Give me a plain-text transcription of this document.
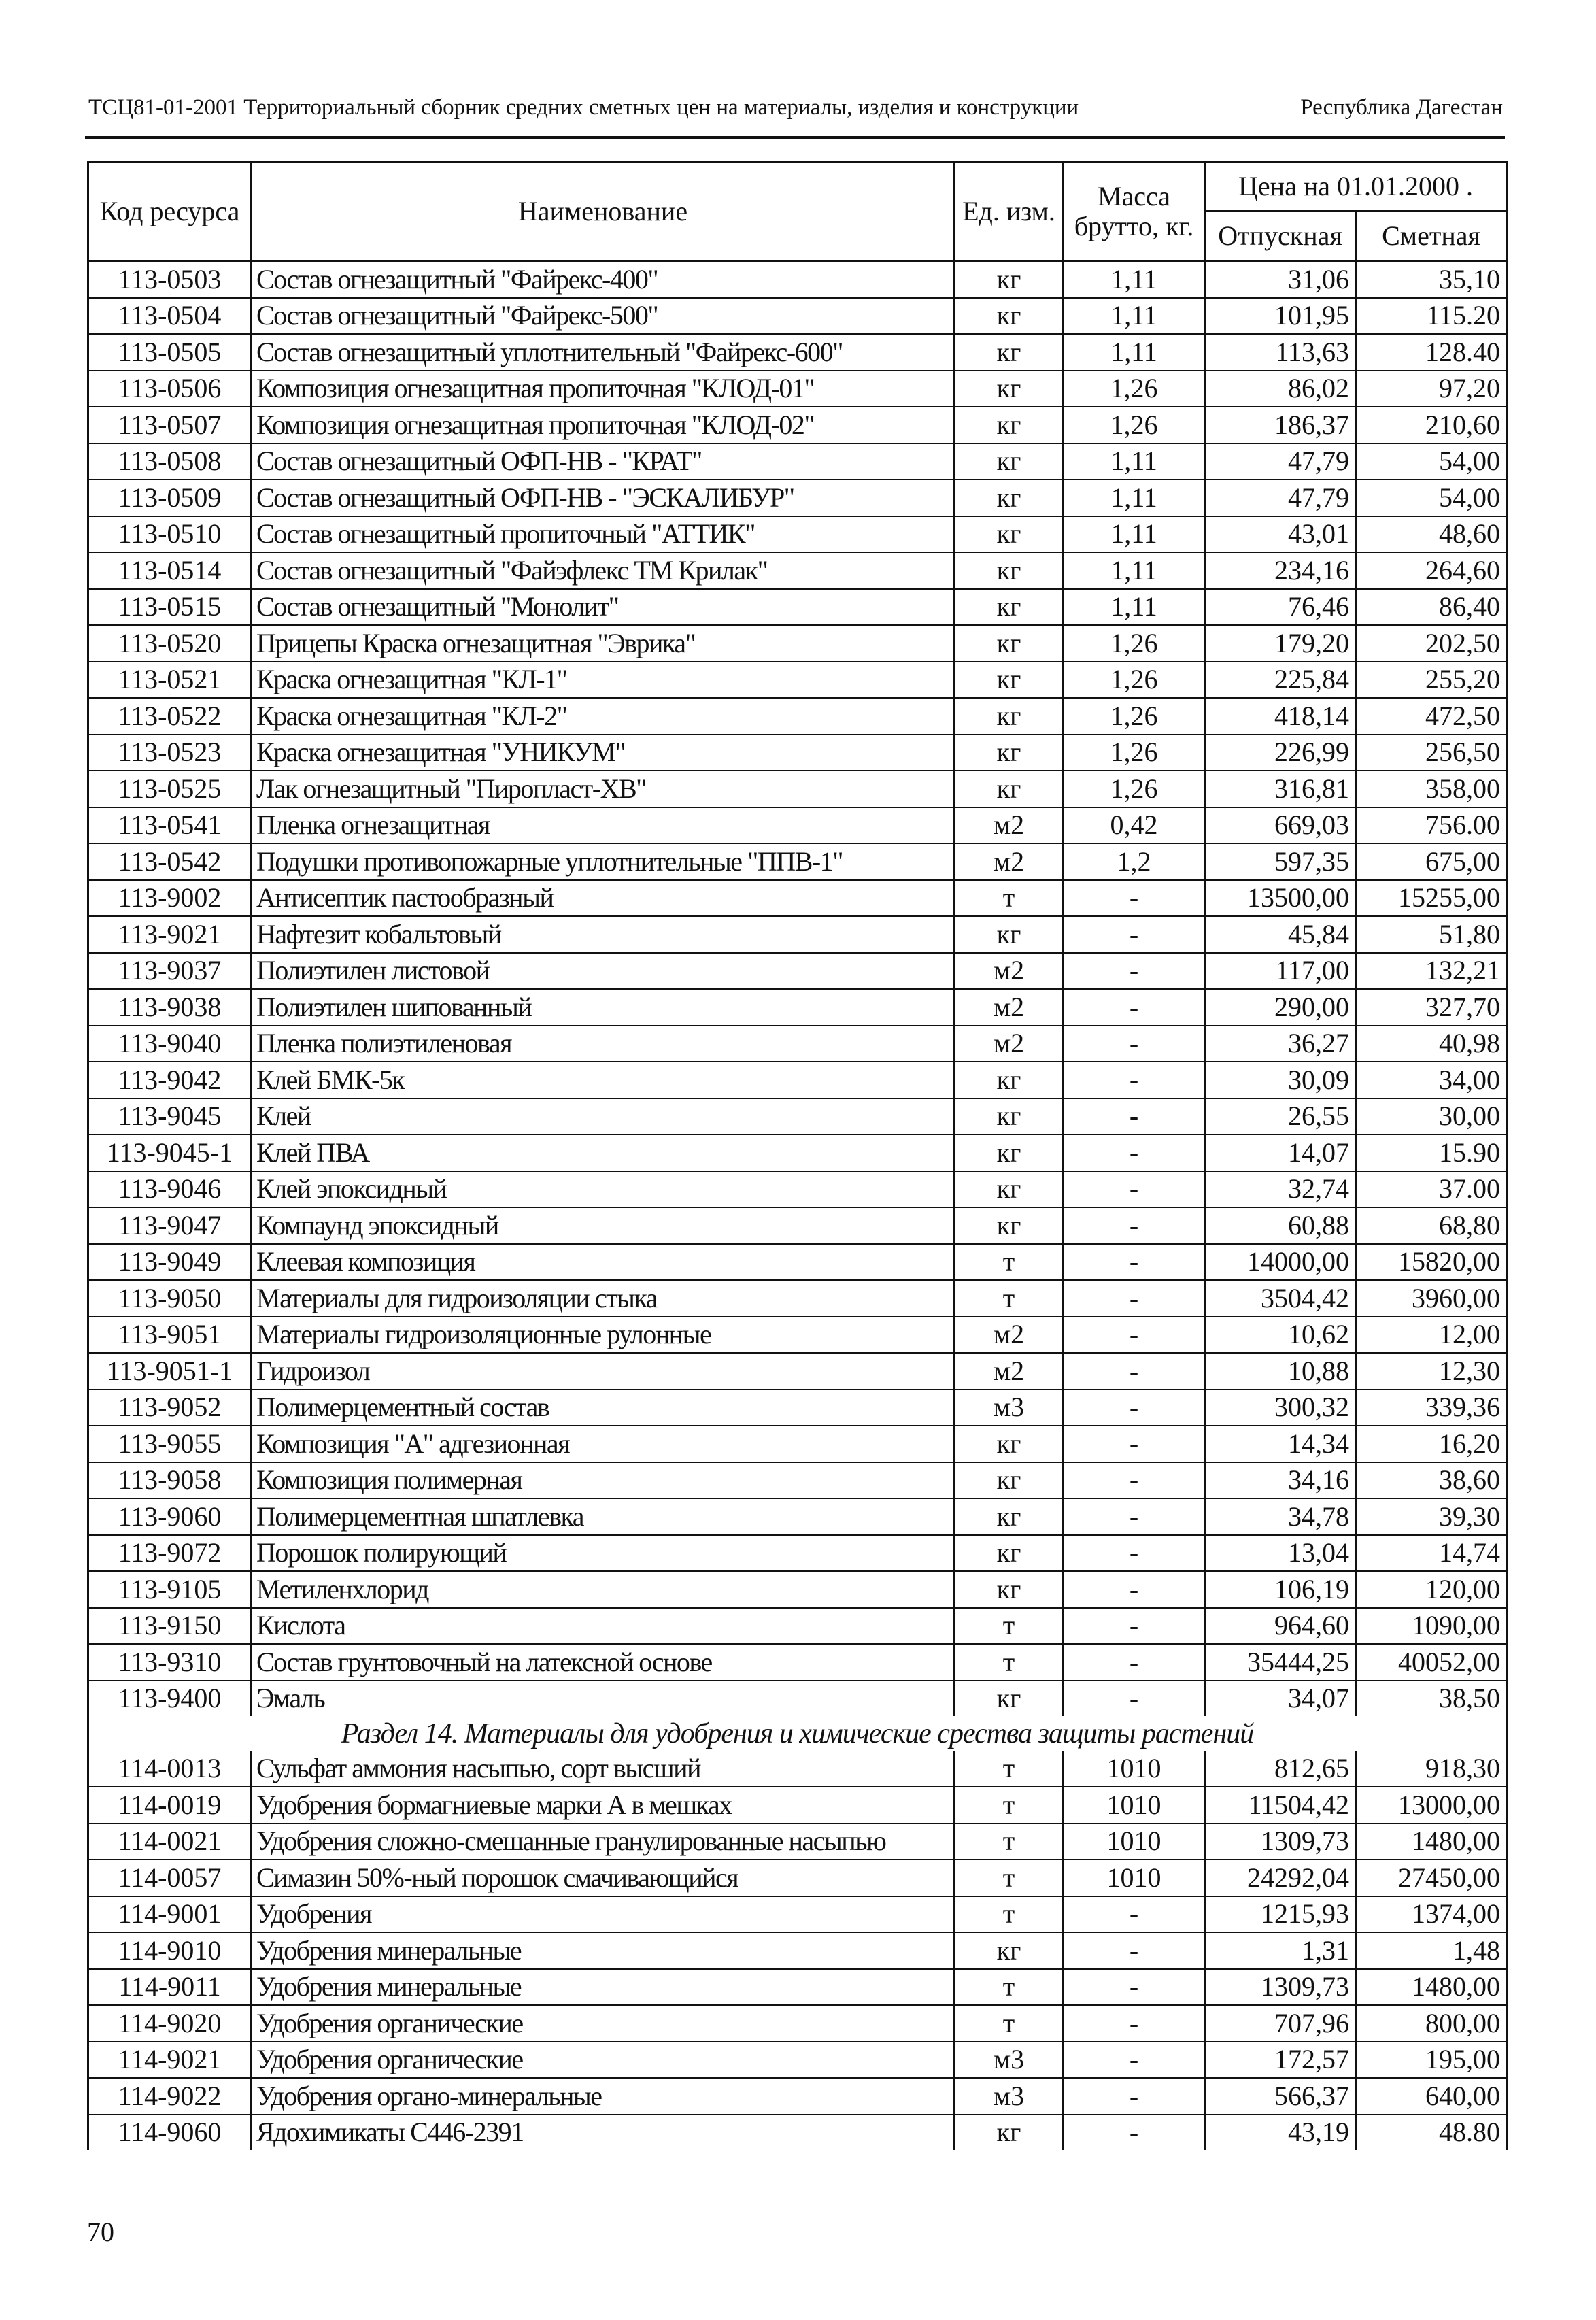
ТСЦ81-01-2001 Территориальный сборник средних сметных цен на материалы, изделия и конструкции	Республика Дагестан
Код ресурса	Наименование	Ед. изм.	Масса брутто, кг.	Цена на 01.01.2000 .	
				Отпускная	Сметная
113-0503	Состав огнезащитный "Файрекс-400"	кг	1,11	31,06	35,10
113-0504	Состав огнезащитный "Файрекс-500"	кг	1,11	101,95	115.20
113-0505	Состав огнезащитный уплотнительный "Файрекс-600"	кг	1,11	113,63	128.40
113-0506	Композиция огнезащитная пропиточная "КЛОД-01"	кг	1,26	86,02	97,20
113-0507	Композиция огнезащитная пропиточная "КЛОД-02"	кг	1,26	186,37	210,60
113-0508	Состав огнезащитный ОФП-НВ - "КРАТ"	кг	1,11	47,79	54,00
113-0509	Состав огнезащитный ОФП-НВ - "ЭСКАЛИБУР"	кг	1,11	47,79	54,00
113-0510	Состав огнезащитный пропиточный "АТТИК"	кг	1,11	43,01	48,60
113-0514	Состав огнезащитный "Файэфлекс ТМ Крилак"	кг	1,11	234,16	264,60
113-0515	Состав огнезащитный "Монолит"	кг	1,11	76,46	86,40
113-0520	Прицепы Краска огнезащитная "Эврика"	кг	1,26	179,20	202,50
113-0521	Краска огнезащитная "КЛ-1"	кг	1,26	225,84	255,20
113-0522	Краска огнезащитная "КЛ-2"	кг	1,26	418,14	472,50
113-0523	Краска огнезащитная "УНИКУМ"	кг	1,26	226,99	256,50
113-0525	Лак огнезащитный "Пиропласт-ХВ"	кг	1,26	316,81	358,00
113-0541	Пленка огнезащитная	м2	0,42	669,03	756.00
113-0542	Подушки противопожарные уплотнительные "ППВ-1"	м2	1,2	597,35	675,00
113-9002	Антисептик пастообразный	т	-	13500,00	15255,00
113-9021	Нафтезит кобальтовый	кг	-	45,84	51,80
113-9037	Полиэтилен листовой	м2	-	117,00	132,21
113-9038	Полиэтилен шипованный	м2	-	290,00	327,70
113-9040	Пленка полиэтиленовая	м2	-	36,27	40,98
113-9042	Клей БМК-5к	кг	-	30,09	34,00
113-9045	Клей	кг	-	26,55	30,00
113-9045-1	Клей ПВА	кг	-	14,07	15.90
113-9046	Клей эпоксидный	кг	-	32,74	37.00
113-9047	Компаунд эпоксидный	кг	-	60,88	68,80
113-9049	Клеевая композиция	т	-	14000,00	15820,00
113-9050	Материалы для гидроизоляции стыка	т	-	3504,42	3960,00
113-9051	Материалы гидроизоляционные рулонные	м2	-	10,62	12,00
113-9051-1	Гидроизол	м2	-	10,88	12,30
113-9052	Полимерцементный состав	м3	-	300,32	339,36
113-9055	Композиция "А" адгезионная	кг	-	14,34	16,20
113-9058	Композиция полимерная	кг	-	34,16	38,60
113-9060	Полимерцементная шпатлевка	кг	-	34,78	39,30
113-9072	Порошок полирующий	кг	-	13,04	14,74
113-9105	Метиленхлорид	кг	-	106,19	120,00
113-9150	Кислота	т	-	964,60	1090,00
113-9310	Состав грунтовочный на латексной основе	т	-	35444,25	40052,00
113-9400	Эмаль	кг	-	34,07	38,50
Раздел 14. Материалы для удобрения и химические срества защиты растений					
114-0013	Сульфат аммония насыпью, сорт высший	т	1010	812,65	918,30
114-0019	Удобрения бормагниевые марки А в мешках	т	1010	11504,42	13000,00
114-0021	Удобрения сложно-смешанные гранулированные насыпью	т	1010	1309,73	1480,00
114-0057	Симазин 50%-ный порошок смачивающийся	т	1010	24292,04	27450,00
114-9001	Удобрения	т	-	1215,93	1374,00
114-9010	Удобрения минеральные	кг	-	1,31	1,48
114-9011	Удобрения минеральные	т	-	1309,73	1480,00
114-9020	Удобрения органические	т	-	707,96	800,00
114-9021	Удобрения органические	м3	-	172,57	195,00
114-9022	Удобрения органо-минеральные	м3	-	566,37	640,00
114-9060	Ядохимикаты С446-2391	кг	-	43,19	48.80
70
